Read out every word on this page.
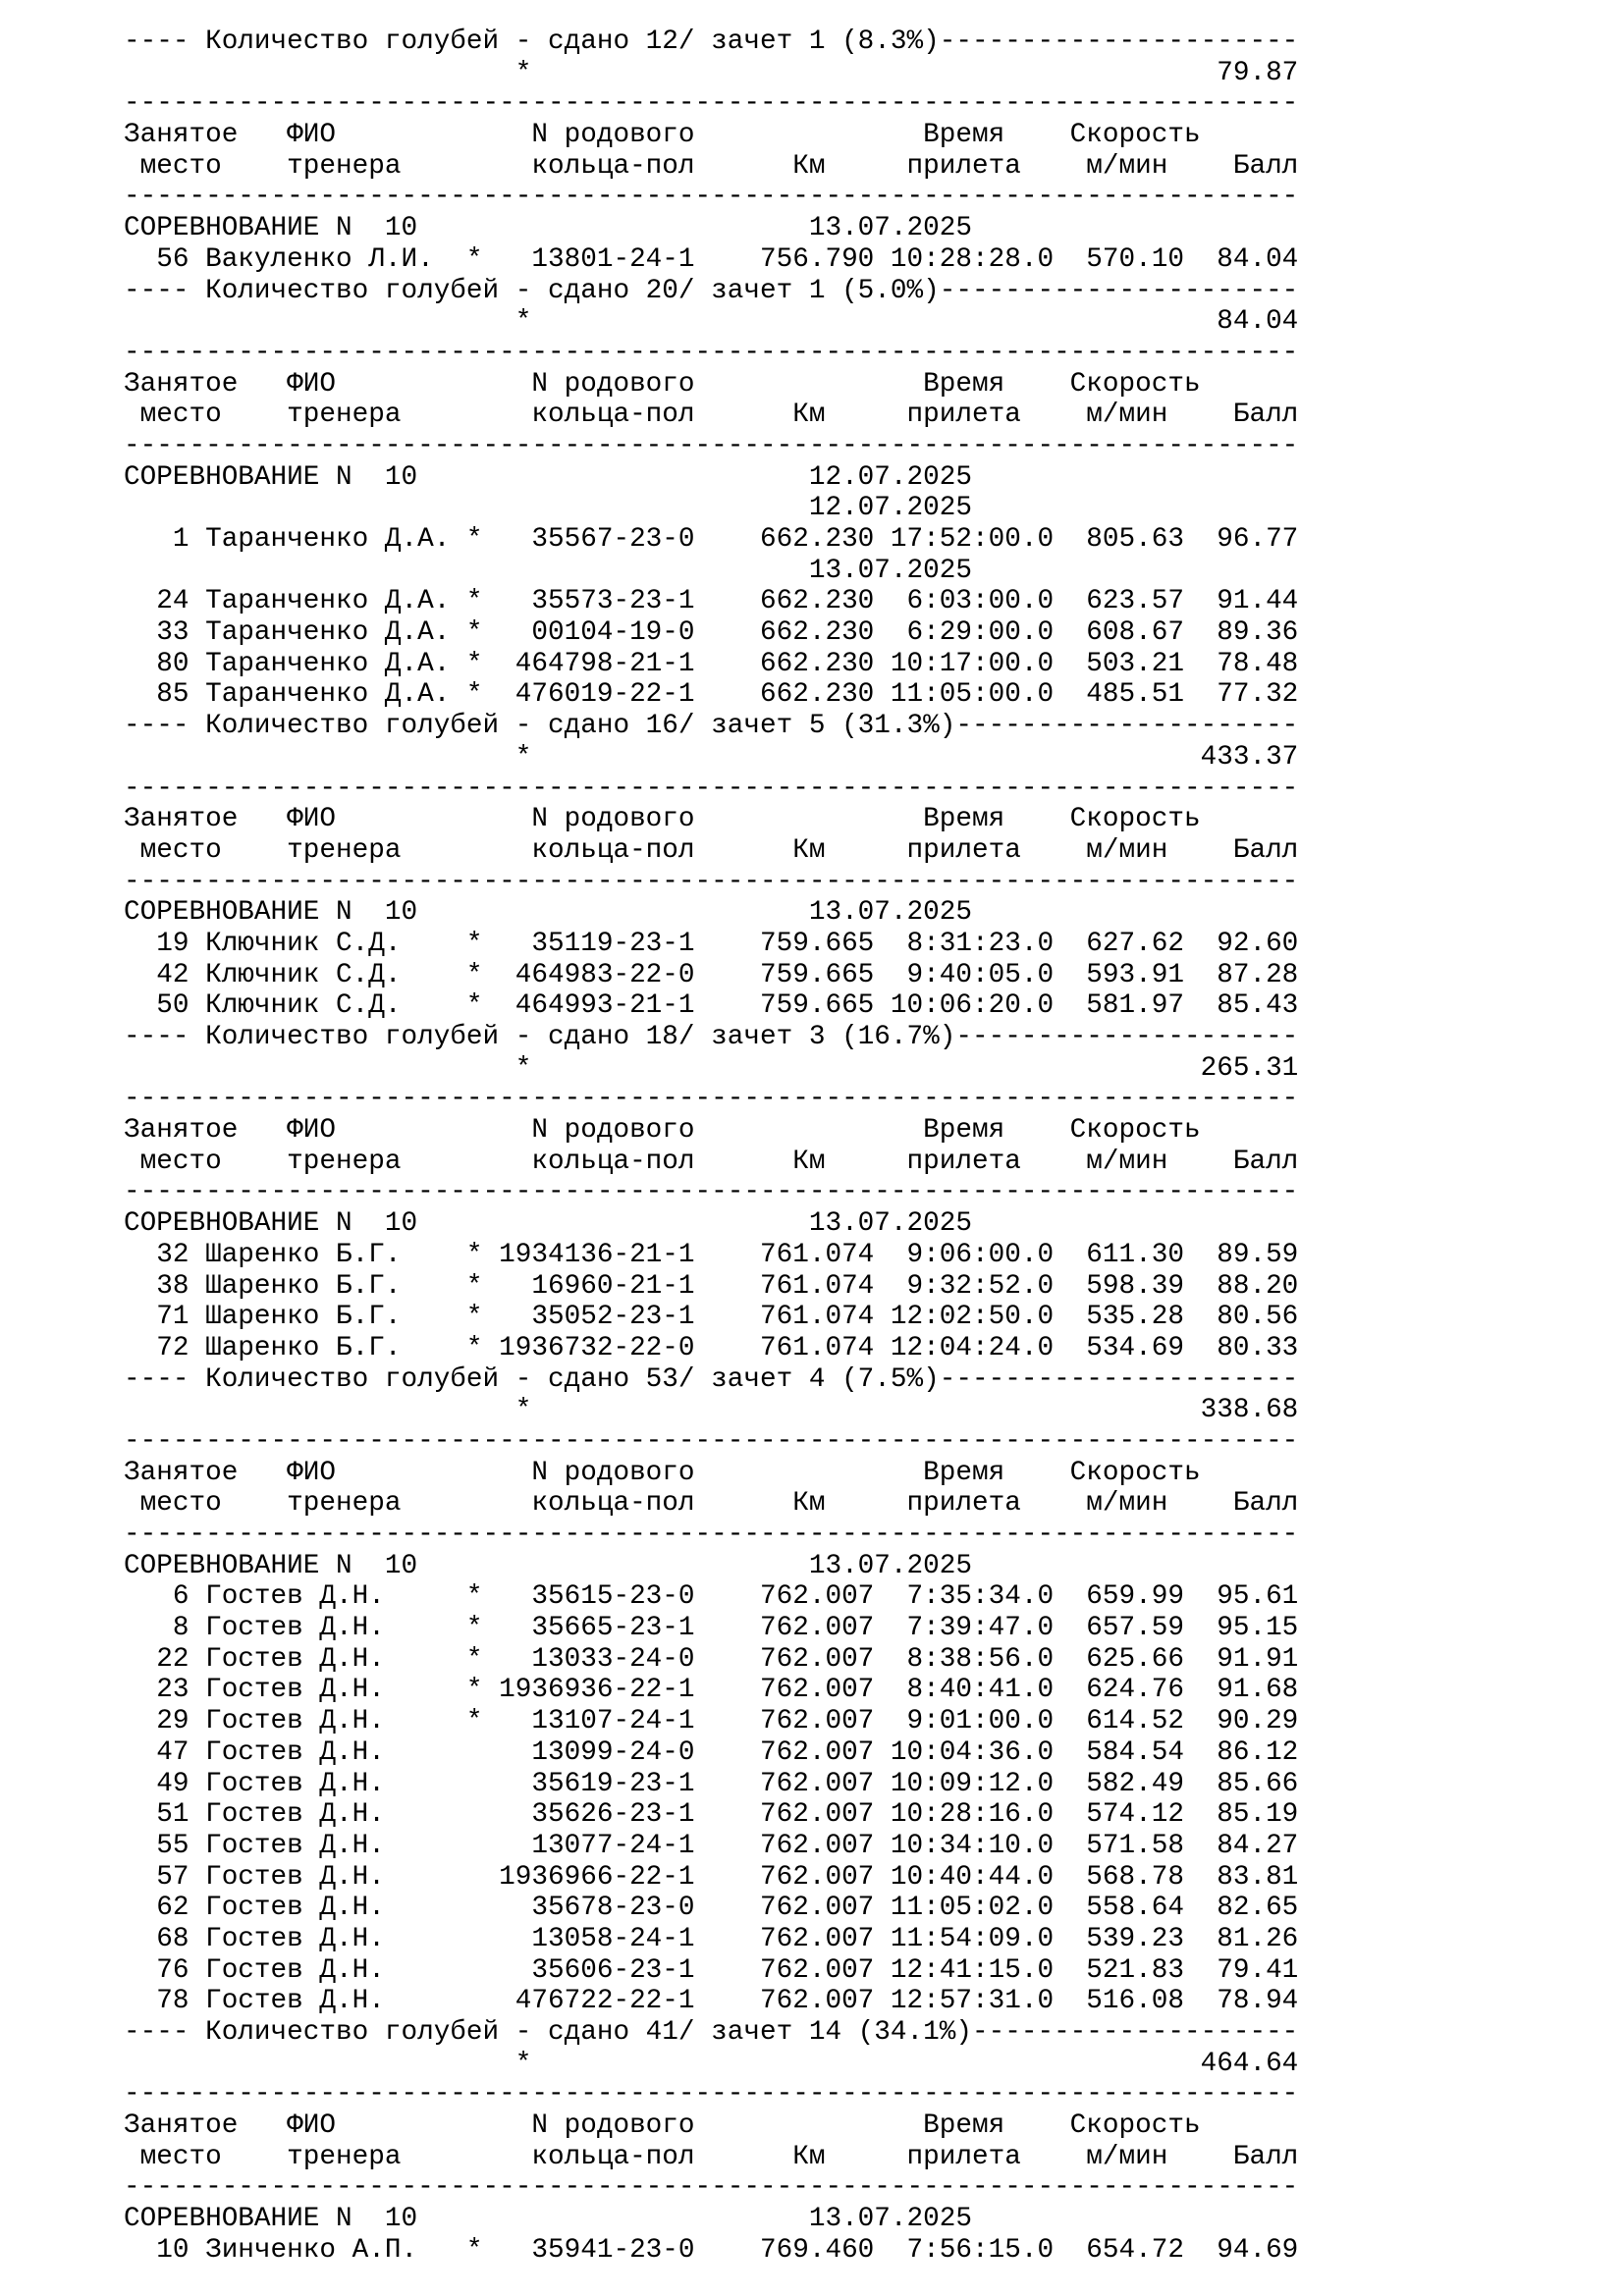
---- Количество голубей - сдано 12/ зачет 1 (8.3%)----------------------
*                                          79.87
------------------------------------------------------------------------
Занятое   ФИО            N родового              Время    Скорость
место    тренера        кольца-пол      Км     прилета    м/мин    Балл
------------------------------------------------------------------------
СОРЕВНОВАНИЕ N  10                        13.07.2025
56 Вакуленко Л.И.  *   13801-24-1    756.790 10:28:28.0  570.10  84.04
---- Количество голубей - сдано 20/ зачет 1 (5.0%)----------------------
*                                          84.04
------------------------------------------------------------------------
Занятое   ФИО            N родового              Время    Скорость
место    тренера        кольца-пол      Км     прилета    м/мин    Балл
------------------------------------------------------------------------
СОРЕВНОВАНИЕ N  10                        12.07.2025
12.07.2025
1 Таранченко Д.А. *   35567-23-0    662.230 17:52:00.0  805.63  96.77
13.07.2025
24 Таранченко Д.А. *   35573-23-1    662.230  6:03:00.0  623.57  91.44
33 Таранченко Д.А. *   00104-19-0    662.230  6:29:00.0  608.67  89.36
80 Таранченко Д.А. *  464798-21-1    662.230 10:17:00.0  503.21  78.48
85 Таранченко Д.А. *  476019-22-1    662.230 11:05:00.0  485.51  77.32
---- Количество голубей - сдано 16/ зачет 5 (31.3%)---------------------
*                                         433.37
------------------------------------------------------------------------
Занятое   ФИО            N родового              Время    Скорость
место    тренера        кольца-пол      Км     прилета    м/мин    Балл
------------------------------------------------------------------------
СОРЕВНОВАНИЕ N  10                        13.07.2025
19 Ключник С.Д.    *   35119-23-1    759.665  8:31:23.0  627.62  92.60
42 Ключник С.Д.    *  464983-22-0    759.665  9:40:05.0  593.91  87.28
50 Ключник С.Д.    *  464993-21-1    759.665 10:06:20.0  581.97  85.43
---- Количество голубей - сдано 18/ зачет 3 (16.7%)---------------------
*                                         265.31
------------------------------------------------------------------------
Занятое   ФИО            N родового              Время    Скорость
место    тренера        кольца-пол      Км     прилета    м/мин    Балл
------------------------------------------------------------------------
СОРЕВНОВАНИЕ N  10                        13.07.2025
32 Шаренко Б.Г.    * 1934136-21-1    761.074  9:06:00.0  611.30  89.59
38 Шаренко Б.Г.    *   16960-21-1    761.074  9:32:52.0  598.39  88.20
71 Шаренко Б.Г.    *   35052-23-1    761.074 12:02:50.0  535.28  80.56
72 Шаренко Б.Г.    * 1936732-22-0    761.074 12:04:24.0  534.69  80.33
---- Количество голубей - сдано 53/ зачет 4 (7.5%)----------------------
*                                         338.68
------------------------------------------------------------------------
Занятое   ФИО            N родового              Время    Скорость
место    тренера        кольца-пол      Км     прилета    м/мин    Балл
------------------------------------------------------------------------
СОРЕВНОВАНИЕ N  10                        13.07.2025
6 Гостев Д.Н.     *   35615-23-0    762.007  7:35:34.0  659.99  95.61
8 Гостев Д.Н.     *   35665-23-1    762.007  7:39:47.0  657.59  95.15
22 Гостев Д.Н.     *   13033-24-0    762.007  8:38:56.0  625.66  91.91
23 Гостев Д.Н.     * 1936936-22-1    762.007  8:40:41.0  624.76  91.68
29 Гостев Д.Н.     *   13107-24-1    762.007  9:01:00.0  614.52  90.29
47 Гостев Д.Н.         13099-24-0    762.007 10:04:36.0  584.54  86.12
49 Гостев Д.Н.         35619-23-1    762.007 10:09:12.0  582.49  85.66
51 Гостев Д.Н.         35626-23-1    762.007 10:28:16.0  574.12  85.19
55 Гостев Д.Н.         13077-24-1    762.007 10:34:10.0  571.58  84.27
57 Гостев Д.Н.       1936966-22-1    762.007 10:40:44.0  568.78  83.81
62 Гостев Д.Н.         35678-23-0    762.007 11:05:02.0  558.64  82.65
68 Гостев Д.Н.         13058-24-1    762.007 11:54:09.0  539.23  81.26
76 Гостев Д.Н.         35606-23-1    762.007 12:41:15.0  521.83  79.41
78 Гостев Д.Н.        476722-22-1    762.007 12:57:31.0  516.08  78.94
---- Количество голубей - сдано 41/ зачет 14 (34.1%)--------------------
*                                         464.64
------------------------------------------------------------------------
Занятое   ФИО            N родового              Время    Скорость
место    тренера        кольца-пол      Км     прилета    м/мин    Балл
------------------------------------------------------------------------
СОРЕВНОВАНИЕ N  10                        13.07.2025
10 Зинченко А.П.   *   35941-23-0    769.460  7:56:15.0  654.72  94.69
